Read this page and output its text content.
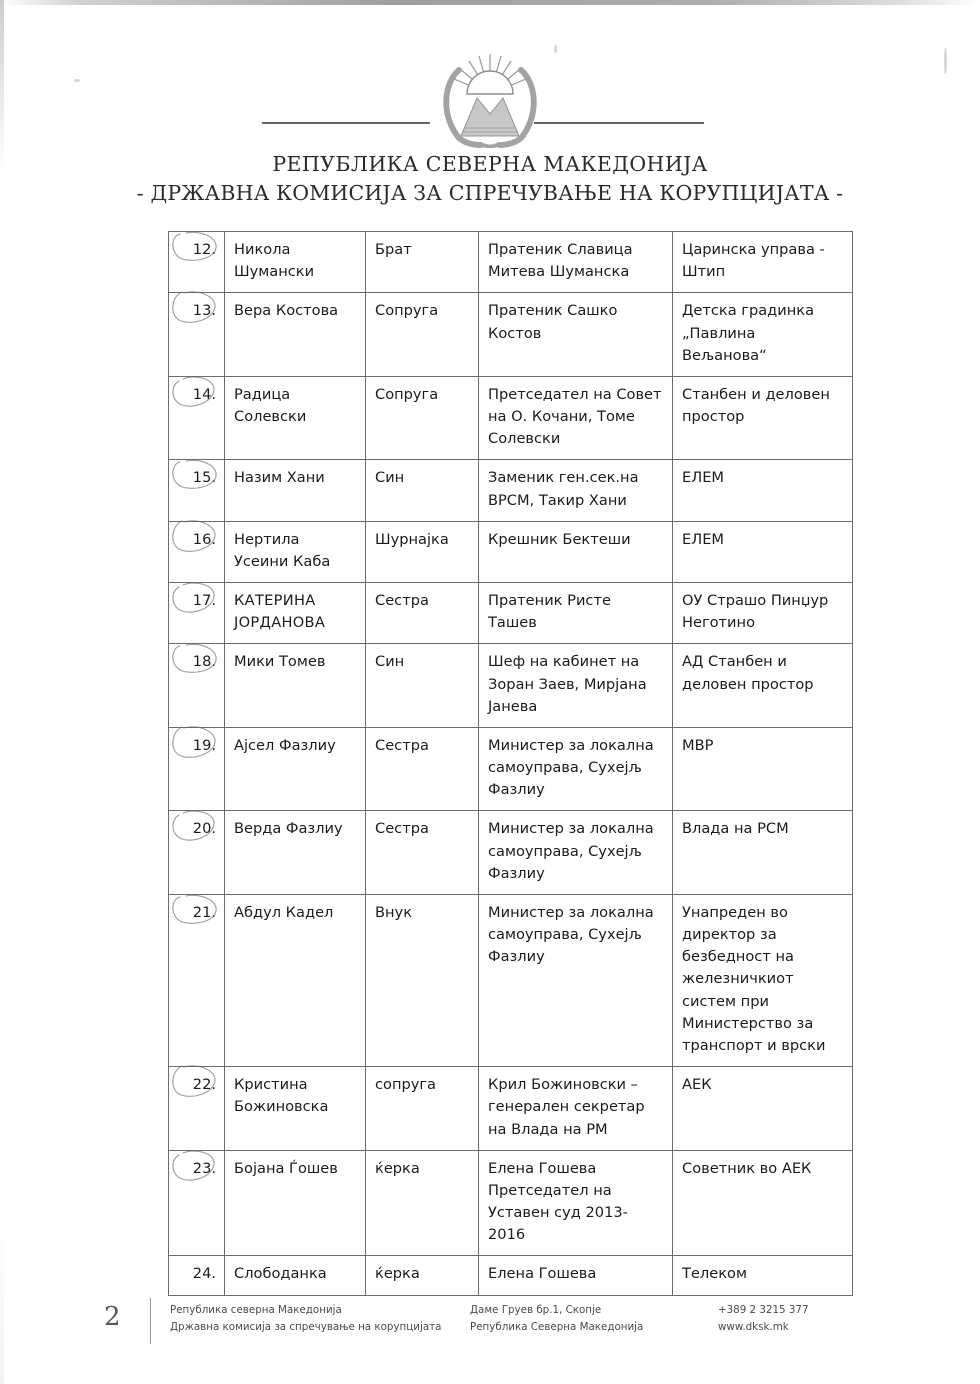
РЕПУБЛИКА СЕВЕРНА МАКЕДОНИЈА
- ДРЖАВНА КОМИСИЈА ЗА СПРЕЧУВАЊЕ НА КОРУПЦИЈАТА -
12.	Никола Шумански	Брат	Пратеник Славица Митева Шуманска	Царинска управа - Штип
13.	Вера Костова	Сопруга	Пратеник Сашко Костов	Детска градинка „Павлина Вељанова“
14.	Радица Солевски	Сопруга	Претседател на Совет на О. Кочани, Томе Солевски	Станбен и деловен простор
15.	Назим Хани	Син	Заменик ген.сек.на ВРСМ, Такир Хани	ЕЛЕМ
16.	Нертила Усеини Каба	Шурнајка	Крешник Бектеши	ЕЛЕМ
17.	КАТЕРИНА ЈОРДАНОВА	Сестра	Пратеник Ристе Ташев	ОУ Страшо Пинџур Неготино
18.	Мики Томев	Син	Шеф на кабинет на Зоран Заев, Мирјана Јанева	АД Станбен и деловен простор
19.	Ајсел Фазлиу	Сестра	Министер за локална самоуправа, Сухејљ Фазлиу	МВР
20.	Верда Фазлиу	Сестра	Министер за локална самоуправа, Сухејљ Фазлиу	Влада на РСМ
21.	Абдул Кадел	Внук	Министер за локална самоуправа, Сухејљ Фазлиу	Унапреден во директор за безбедност на железничкиот систем при Министерство за транспорт и врски
22.	Кристина Божиновска	сопруга	Крил Божиновски – генерален секретар на Влада на РМ	АЕК
23.	Бојана Ѓошев	ќерка	Елена Гошева Претседател на Уставен суд 2013-2016	Советник во АЕК
24.	Слободанка	ќерка	Елена Гошева	Телеком
2	Република северна Македонија
Државна комисија за спречување на корупцијата
Даме Груев бр.1, Скопје
Република Северна Македонија
+389 2 3215 377
www.dksk.mk
